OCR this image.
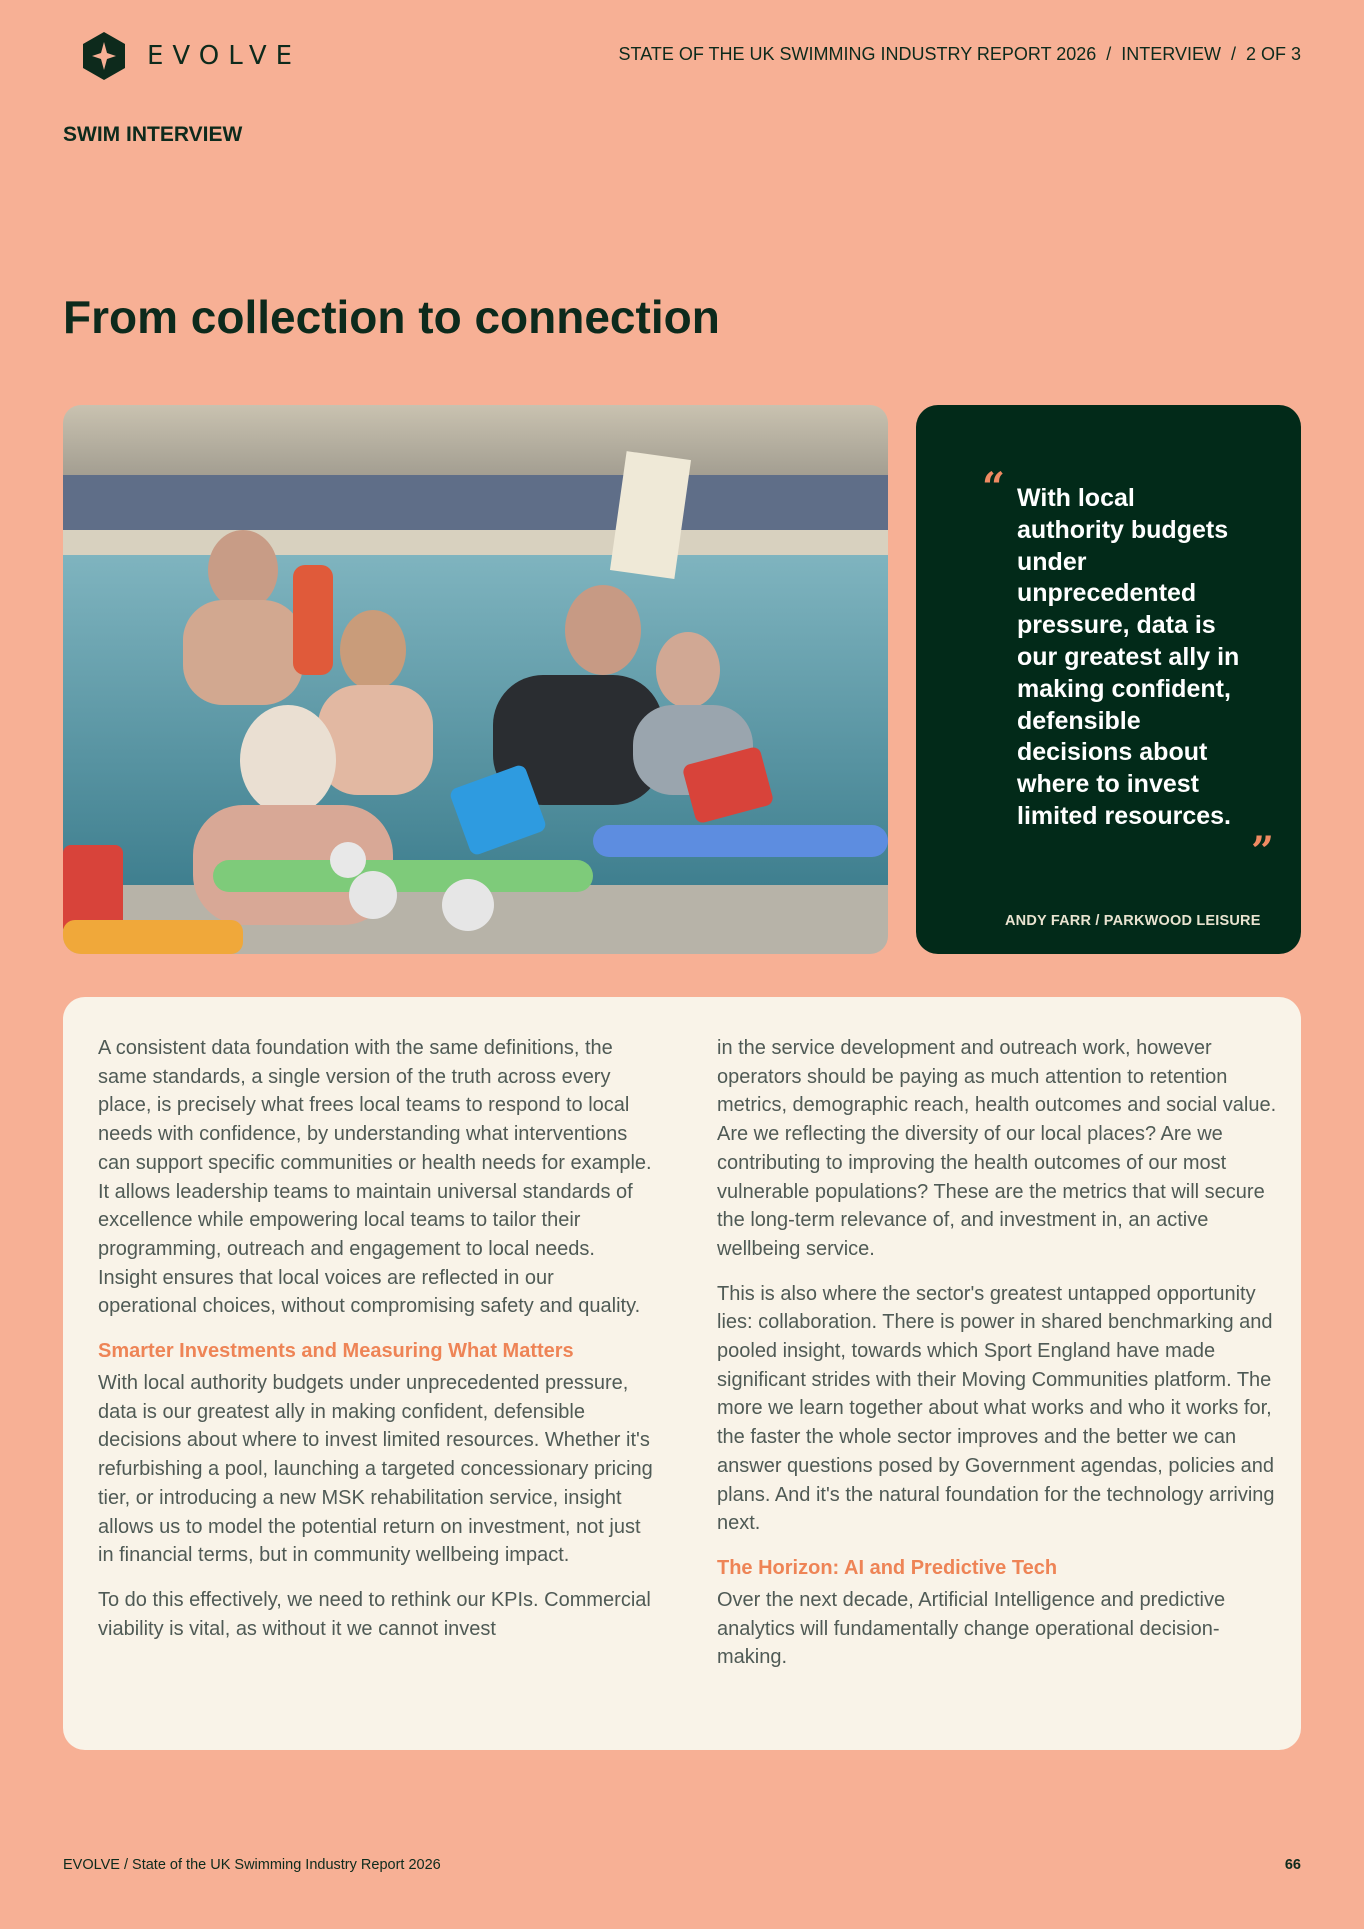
EVOLVE	STATE OF THE UK SWIMMING INDUSTRY REPORT 2026  /  INTERVIEW  /  2 OF 3
SWIM INTERVIEW
From collection to connection
“ With local authority budgets under unprecedented pressure, data is our greatest ally in making confident, defensible decisions about where to invest limited resources.
”
ANDY FARR / PARKWOOD LEISURE

A consistent data foundation with the same definitions, the same standards, a single version of the truth across every place, is precisely what frees local teams to respond to local needs with confidence, by understanding what interventions can support specific communities or health needs for example. It allows leadership teams to maintain universal standards of excellence while empowering local teams to tailor their programming, outreach and engagement to local needs. Insight ensures that local voices are reflected in our operational choices, without compromising safety and quality.

Smarter Investments and Measuring What Matters

With local authority budgets under unprecedented pressure, data is our greatest ally in making confident, defensible decisions about where to invest limited resources. Whether it's refurbishing a pool, launching a targeted concessionary pricing tier, or introducing a new MSK rehabilitation service, insight allows us to model the potential return on investment, not just in financial terms, but in community wellbeing impact.

To do this effectively, we need to rethink our KPIs. Commercial viability is vital, as without it we cannot invest

in the service development and outreach work, however operators should be paying as much attention to retention metrics, demographic reach, health outcomes and social value. Are we reflecting the diversity of our local places? Are we contributing to improving the health outcomes of our most vulnerable populations? These are the metrics that will secure the long-term relevance of, and investment in, an active wellbeing service.

This is also where the sector's greatest untapped opportunity lies: collaboration. There is power in shared benchmarking and pooled insight, towards which Sport England have made significant strides with their Moving Communities platform. The more we learn together about what works and who it works for, the faster the whole sector improves and the better we can answer questions posed by Government agendas, policies and plans. And it's the natural foundation for the technology arriving next.

The Horizon: AI and Predictive Tech

Over the next decade, Artificial Intelligence and predictive analytics will fundamentally change operational decision-making.

EVOLVE / State of the UK Swimming Industry Report 2026	66
